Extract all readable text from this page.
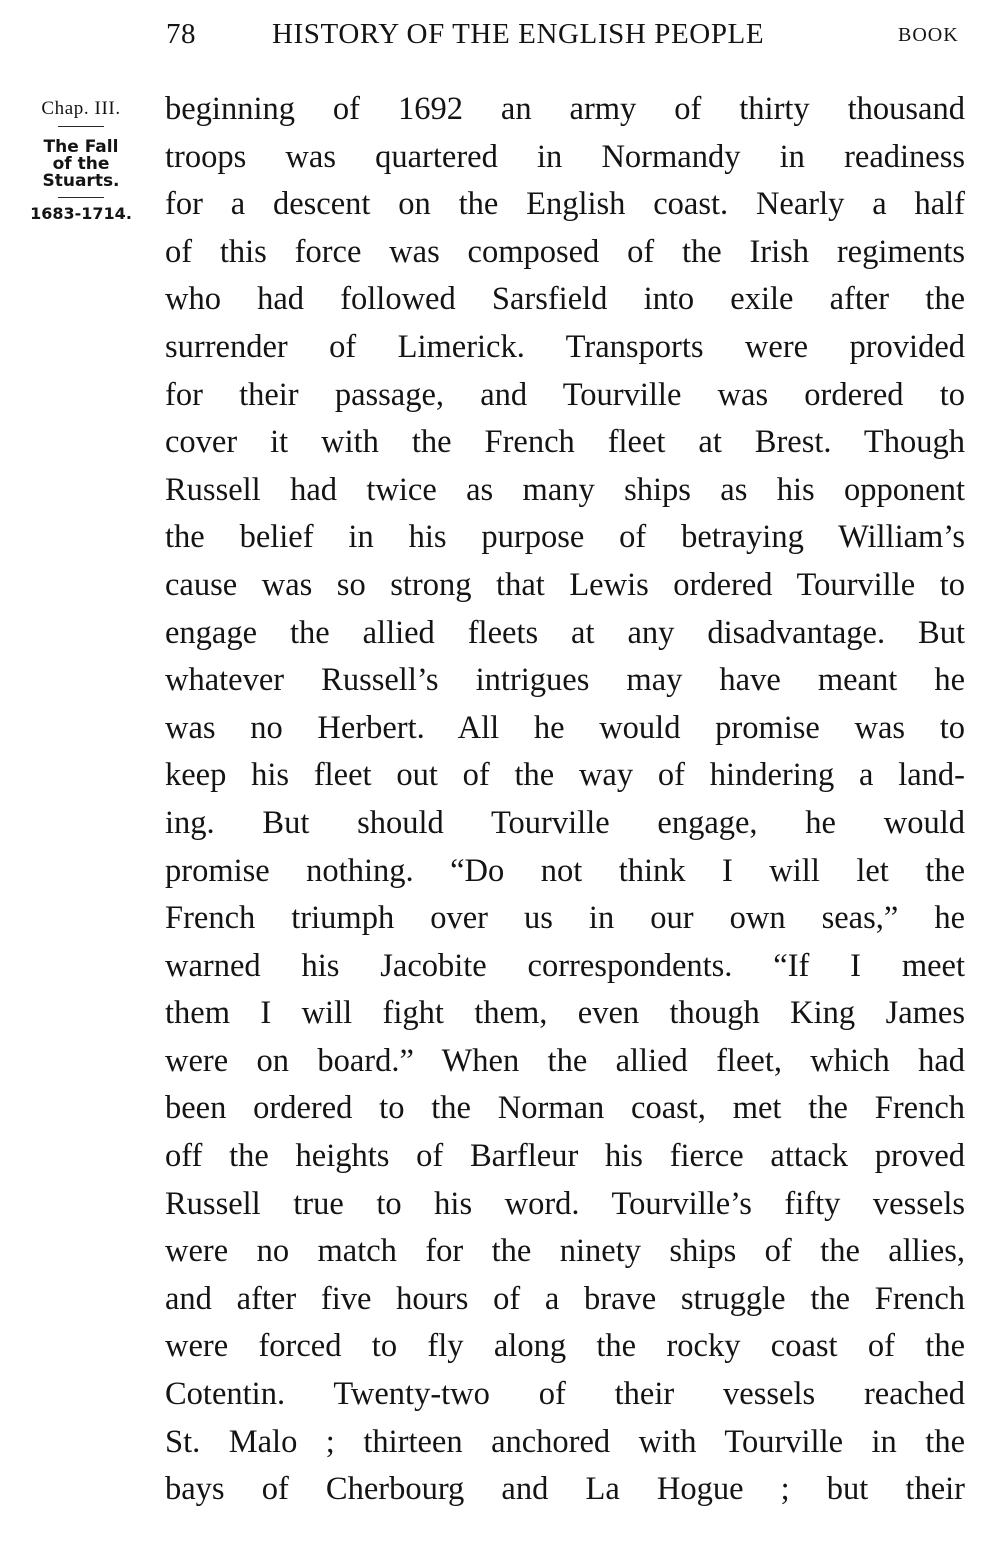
78	HISTORY OF THE ENGLISH PEOPLE	BOOK
Chap. III.
The Fall
of the
Stuarts.
1683-1714.
beginning of 1692 an army of thirty thousand
troops was quartered in Normandy in readiness
for a descent on the English coast. Nearly a half
of this force was composed of the Irish regiments
who had followed Sarsfield into exile after the
surrender of Limerick. Transports were provided
for their passage, and Tourville was ordered to
cover it with the French fleet at Brest. Though
Russell had twice as many ships as his opponent
the belief in his purpose of betraying William’s
cause was so strong that Lewis ordered Tourville to
engage the allied fleets at any disadvantage. But
whatever Russell’s intrigues may have meant he
was no Herbert. All he would promise was to
keep his fleet out of the way of hindering a land-
ing. But should Tourville engage, he would
promise nothing. “Do not think I will let the
French triumph over us in our own seas,” he
warned his Jacobite correspondents. “If I meet
them I will fight them, even though King James
were on board.” When the allied fleet, which had
been ordered to the Norman coast, met the French
off the heights of Barfleur his fierce attack proved
Russell true to his word. Tourville’s fifty vessels
were no match for the ninety ships of the allies,
and after five hours of a brave struggle the French
were forced to fly along the rocky coast of the
Cotentin. Twenty-two of their vessels reached
St. Malo ; thirteen anchored with Tourville in the
bays of Cherbourg and La Hogue ; but their
